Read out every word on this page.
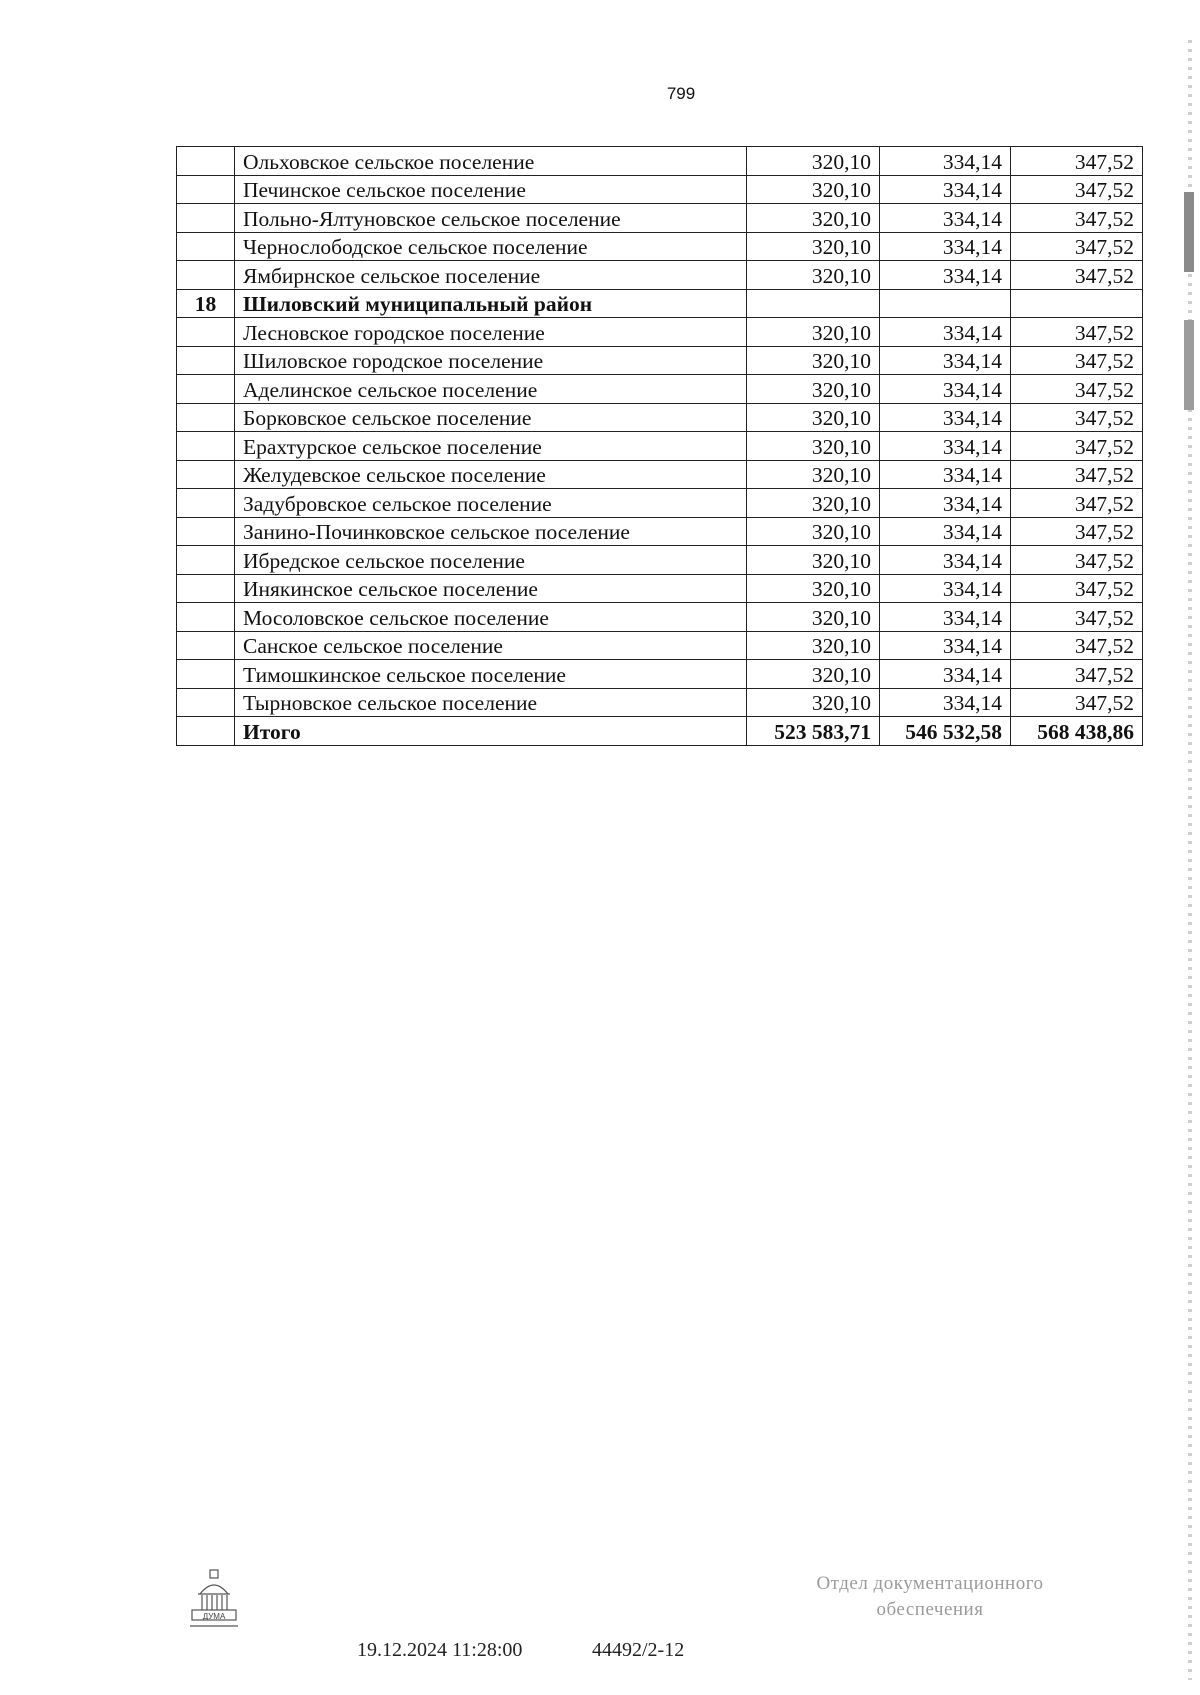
799
	Ольховское сельское поселение	320,10	334,14	347,52
	Печинское сельское поселение	320,10	334,14	347,52
	Польно-Ялтуновское сельское поселение	320,10	334,14	347,52
	Чернослободское сельское поселение	320,10	334,14	347,52
	Ямбирнское сельское поселение	320,10	334,14	347,52
18	Шиловский муниципальный район			
	Лесновское городское поселение	320,10	334,14	347,52
	Шиловское городское поселение	320,10	334,14	347,52
	Аделинское сельское поселение	320,10	334,14	347,52
	Борковское сельское поселение	320,10	334,14	347,52
	Ерахтурское сельское поселение	320,10	334,14	347,52
	Желудевское сельское поселение	320,10	334,14	347,52
	Задубровское сельское поселение	320,10	334,14	347,52
	Занино-Починковское сельское поселение	320,10	334,14	347,52
	Ибредское сельское поселение	320,10	334,14	347,52
	Инякинское сельское поселение	320,10	334,14	347,52
	Мосоловское сельское поселение	320,10	334,14	347,52
	Санское сельское поселение	320,10	334,14	347,52
	Тимошкинское сельское поселение	320,10	334,14	347,52
	Тырновское сельское поселение	320,10	334,14	347,52
	Итого	523 583,71	546 532,58	568 438,86
ДУМА
19.12.2024 11:28:00	44492/2-12
Отдел документационного
обеспечения
